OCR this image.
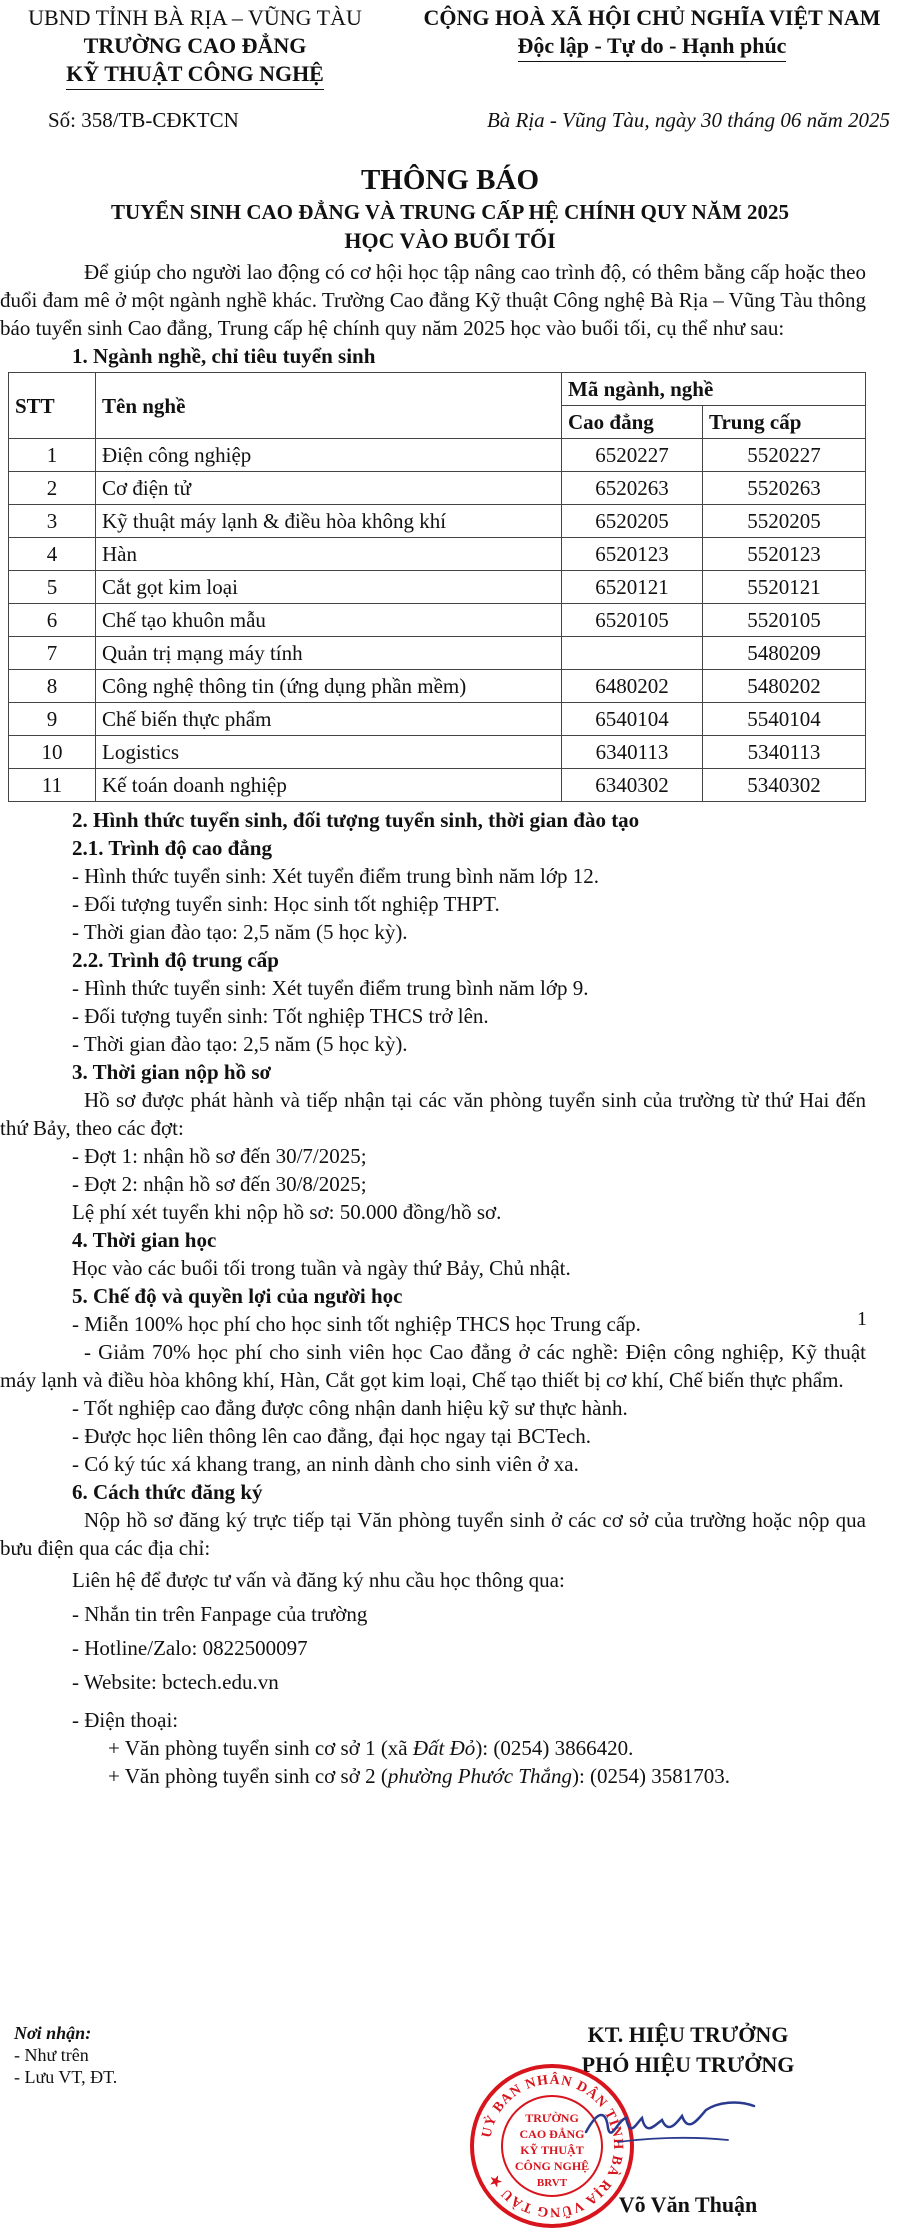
UBND TỈNH BÀ RỊA – VŨNG TÀU
TRƯỜNG CAO ĐẲNG
KỸ THUẬT CÔNG NGHỆ
CỘNG HOÀ XÃ HỘI CHỦ NGHĨA VIỆT NAM
Độc lập - Tự do - Hạnh phúc
Số: 358/TB-CĐKTCN	Bà Rịa - Vũng Tàu, ngày 30 tháng 06 năm 2025
THÔNG BÁO
TUYỂN SINH CAO ĐẲNG VÀ TRUNG CẤP HỆ CHÍNH QUY NĂM 2025
HỌC VÀO BUỔI TỐI

Để giúp cho người lao động có cơ hội học tập nâng cao trình độ, có thêm bằng cấp hoặc theo đuổi đam mê ở một ngành nghề khác. Trường Cao đẳng Kỹ thuật Công nghệ Bà Rịa – Vũng Tàu thông báo tuyển sinh Cao đẳng, Trung cấp hệ chính quy năm 2025 học vào buổi tối, cụ thể như sau:

1. Ngành nghề, chỉ tiêu tuyển sinh

STT	Tên nghề	Mã ngành, nghề	
		Cao đẳng	Trung cấp
1	Điện công nghiệp	6520227	5520227
2	Cơ điện tử	6520263	5520263
3	Kỹ thuật máy lạnh & điều hòa không khí	6520205	5520205
4	Hàn	6520123	5520123
5	Cắt gọt kim loại	6520121	5520121
6	Chế tạo khuôn mẫu	6520105	5520105
7	Quản trị mạng máy tính		5480209
8	Công nghệ thông tin (ứng dụng phần mềm)	6480202	5480202
9	Chế biến thực phẩm	6540104	5540104
10	Logistics	6340113	5340113
11	Kế toán doanh nghiệp	6340302	5340302

2. Hình thức tuyển sinh, đối tượng tuyển sinh, thời gian đào tạo

2.1. Trình độ cao đẳng

- Hình thức tuyển sinh: Xét tuyển điểm trung bình năm lớp 12.

- Đối tượng tuyển sinh: Học sinh tốt nghiệp THPT.

- Thời gian đào tạo: 2,5 năm (5 học kỳ).

2.2. Trình độ trung cấp

- Hình thức tuyển sinh: Xét tuyển điểm trung bình năm lớp 9.

- Đối tượng tuyển sinh: Tốt nghiệp THCS trở lên.

- Thời gian đào tạo: 2,5 năm (5 học kỳ).

3. Thời gian nộp hồ sơ

Hồ sơ được phát hành và tiếp nhận tại các văn phòng tuyển sinh của trường từ thứ Hai đến thứ Bảy, theo các đợt:

- Đợt 1: nhận hồ sơ đến 30/7/2025;

- Đợt 2: nhận hồ sơ đến 30/8/2025;

Lệ phí xét tuyển khi nộp hồ sơ: 50.000 đồng/hồ sơ.

4. Thời gian học

Học vào các buổi tối trong tuần và ngày thứ Bảy, Chủ nhật.

5. Chế độ và quyền lợi của người học

- Miễn 100% học phí cho học sinh tốt nghiệp THCS học Trung cấp.

- Giảm 70% học phí cho sinh viên học Cao đẳng ở các nghề: Điện công nghiệp, Kỹ thuật máy lạnh và điều hòa không khí, Hàn, Cắt gọt kim loại, Chế tạo thiết bị cơ khí, Chế biến thực phẩm.

- Tốt nghiệp cao đẳng được công nhận danh hiệu kỹ sư thực hành.

- Được học liên thông lên cao đẳng, đại học ngay tại BCTech.

- Có ký túc xá khang trang, an ninh dành cho sinh viên ở xa.

6. Cách thức đăng ký

Nộp hồ sơ đăng ký trực tiếp tại Văn phòng tuyển sinh ở các cơ sở của trường hoặc nộp qua bưu điện qua các địa chỉ:

Liên hệ để được tư vấn và đăng ký nhu cầu học thông qua:

- Nhắn tin trên Fanpage của trường

- Hotline/Zalo: 0822500097

- Website: bctech.edu.vn

- Điện thoại:

+ Văn phòng tuyển sinh cơ sở 1 (xã Đất Đỏ): (0254) 3866420.

+ Văn phòng tuyển sinh cơ sở 2 (phường Phước Thắng): (0254) 3581703.

1
Nơi nhận:
- Như trên
- Lưu VT, ĐT.
KT. HIỆU TRƯỞNG
PHÓ HIỆU TRƯỞNG
UỶ BAN NHÂN DÂN TỈNH BÀ RỊA VŨNG TÀU ★
TRƯỜNG
CAO ĐẲNG
KỸ THUẬT
CÔNG NGHỆ
BRVT
Võ Văn Thuận
